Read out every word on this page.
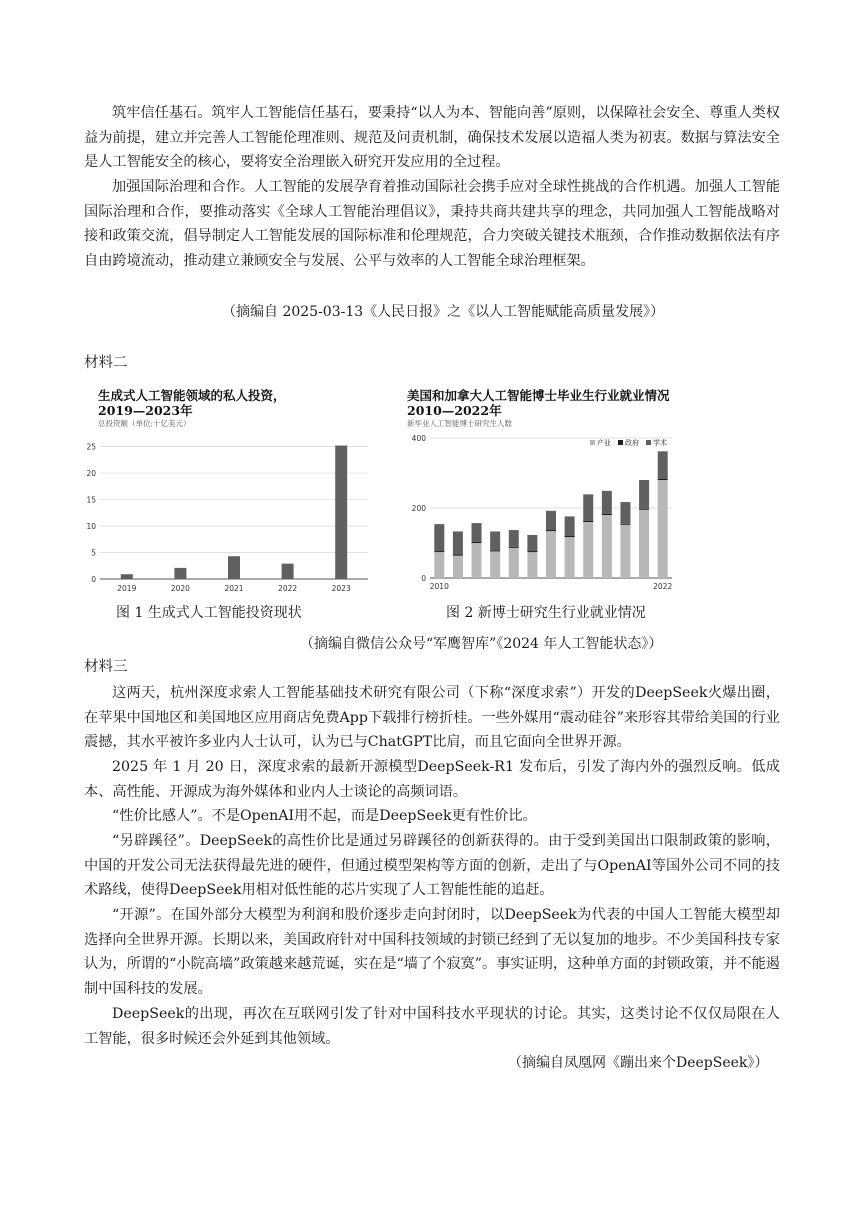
筑牢信任基石。筑牢人工智能信任基石，要秉持“以人为本、智能向善”原则，以保障社会安全、尊重人类权益为前提，建立并完善人工智能伦理准则、规范及问责机制，确保技术发展以造福人类为初衷。数据与算法安全是人工智能安全的核心，要将安全治理嵌入研究开发应用的全过程。

加强国际治理和合作。人工智能的发展孕育着推动国际社会携手应对全球性挑战的合作机遇。加强人工智能国际治理和合作，要推动落实《全球人工智能治理倡议》，秉持共商共建共享的理念，共同加强人工智能战略对接和政策交流，倡导制定人工智能发展的国际标准和伦理规范，合力突破关键技术瓶颈，合作推动数据依法有序自由跨境流动，推动建立兼顾安全与发展、公平与效率的人工智能全球治理框架。

（摘编自 2025-03-13《人民日报》之《以人工智能赋能高质量发展》）
材料二
生成式人工智能领域的私人投资，
2019—2023年
总投资额（单位:十亿美元）
0
5
10
15
20
25
2019	2020	2021	2022	2023
美国和加拿大人工智能博士毕业生行业就业情况
2010—2022年
新毕业人工智能博士研究生人数
0
200
400
2010	2022
产业 政府 学术
图 1 生成式人工智能投资现状	图 2 新博士研究生行业就业情况
（摘编自微信公众号“军鹰智库”《2024 年人工智能状态》）
材料三

这两天，杭州深度求索人工智能基础技术研究有限公司（下称“深度求索”）开发的DeepSeek火爆出圈，在苹果中国地区和美国地区应用商店免费App下载排行榜折桂。一些外媒用“震动硅谷”来形容其带给美国的行业震撼，其水平被许多业内人士认可，认为已与ChatGPT比肩，而且它面向全世界开源。

2025 年 1 月 20 日，深度求索的最新开源模型DeepSeek-R1 发布后，引发了海内外的强烈反响。低成本、高性能、开源成为海外媒体和业内人士谈论的高频词语。

“性价比感人”。不是OpenAI用不起，而是DeepSeek更有性价比。

“另辟蹊径”。DeepSeek的高性价比是通过另辟蹊径的创新获得的。由于受到美国出口限制政策的影响，中国的开发公司无法获得最先进的硬件，但通过模型架构等方面的创新，走出了与OpenAI等国外公司不同的技术路线，使得DeepSeek用相对低性能的芯片实现了人工智能性能的追赶。

“开源”。在国外部分大模型为利润和股价逐步走向封闭时，以DeepSeek为代表的中国人工智能大模型却选择向全世界开源。长期以来，美国政府针对中国科技领域的封锁已经到了无以复加的地步。不少美国科技专家认为，所谓的“小院高墙”政策越来越荒诞，实在是“墙了个寂寞”。事实证明，这种单方面的封锁政策，并不能遏制中国科技的发展。

DeepSeek的出现，再次在互联网引发了针对中国科技水平现状的讨论。其实，这类讨论不仅仅局限在人工智能，很多时候还会外延到其他领域。

（摘编自凤凰网《蹦出来个DeepSeek》）
